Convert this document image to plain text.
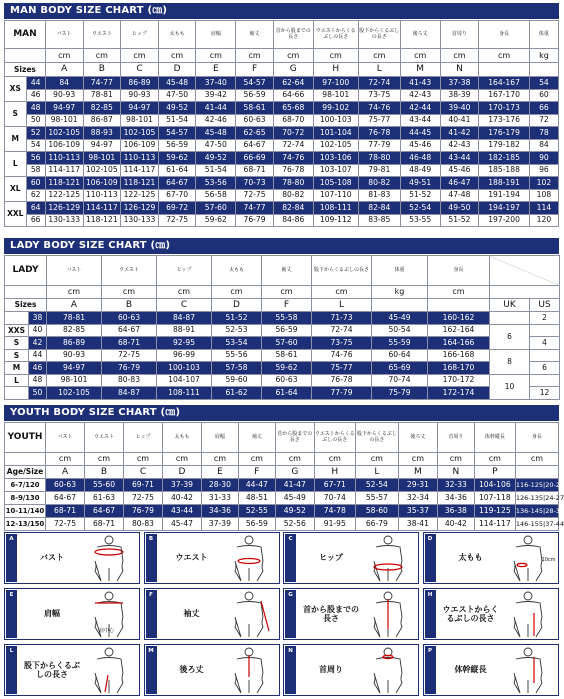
MAN BODY SIZE CHART (㎝)
MAN		バスト	ウエスト	ヒップ	太もも	肩幅	袖丈	首から股までの長さ	ウエストからくるぶしの長さ	股下からくるぶしの長さ	後ろ丈	首周り	身長	体重
		cm	cm	cm	cm	cm	cm	cm	cm	cm	cm	cm	cm	kg
Sizes		A	B	C	D	E	F	G	H	L	M	N		
XS	44	84	74-77	86-89	45-48	37-40	54-57	62-64	97-100	72-74	41-43	37-38	164-167	54
	46	90-93	78-81	90-93	47-50	39-42	56-59	64-66	98-101	73-75	42-43	38-39	167-170	60
S	48	94-97	82-85	94-97	49-52	41-44	58-61	65-68	99-102	74-76	42-44	39-40	170-173	66
	50	98-101	86-87	98-101	51-54	42-46	60-63	68-70	100-103	75-77	43-44	40-41	173-176	72
M	52	102-105	88-93	102-105	54-57	45-48	62-65	70-72	101-104	76-78	44-45	41-42	176-179	78
	54	106-109	94-97	106-109	56-59	47-50	64-67	72-74	102-105	77-79	45-46	42-43	179-182	84
L	56	110-113	98-101	110-113	59-62	49-52	66-69	74-76	103-106	78-80	46-48	43-44	182-185	90
	58	114-117	102-105	114-117	61-64	51-54	68-71	76-78	103-107	79-81	48-49	45-46	185-188	96
XL	60	118-121	106-109	118-121	64-67	53-56	70-73	78-80	105-108	80-82	49-51	46-47	188-191	102
	62	122-125	110-113	122-125	67-70	56-58	72-75	80-82	107-110	81-83	51-52	47-48	191-194	108
XXL	64	126-129	114-117	126-129	69-72	57-60	74-77	82-84	108-111	82-84	52-54	49-50	194-197	114
	66	130-133	118-121	130-133	72-75	59-62	76-79	84-86	109-112	83-85	53-55	51-52	197-200	120
LADY BODY SIZE CHART (㎝)
LADY		バスト	ウエスト	ヒップ	太もも	袖丈	股下からくるぶしの長さ	体重	身長			
		cm	cm	cm	cm	cm	cm	kg	cm			
Sizes		A	B	C	D	F	L			UK	US	
	38	78-81	60-63	84-87	51-52	55-58	71-73	45-49	160-162		2	
XXS	40	82-85	64-67	88-91	52-53	56-59	72-74	50-54	162-164	6		
S	42	86-89	68-71	92-95	53-54	57-60	73-75	55-59	164-166		4	
S	44	90-93	72-75	96-99	55-56	58-61	74-76	60-64	166-168	8		
M	46	94-97	76-79	100-103	57-58	59-62	75-77	65-69	168-170		6	
L	48	98-101	80-83	104-107	59-60	60-63	76-78	70-74	170-172	10		
	50	102-105	84-87	108-111	61-62	61-64	77-79	75-79	172-174		12	
YOUTH BODY SIZE CHART (㎝)
YOUTH	バスト	ウエスト	ヒップ	太もも	肩幅	袖丈	首から股までの長さ	ウエストからくるぶしの長さ	股下からくるぶしの長さ	後ろ丈	首周り	体幹縦長	身長
	cm	cm	cm	cm	cm	cm	cm	cm	cm	cm	cm	cm	cm
Age/Size	A	B	C	D	E	F	G	H	L	M	N	P	
6-7/120	60-63	55-60	69-71	37-39	28-30	44-47	41-47	67-71	52-54	29-31	32-33	104-106	116-125|20-23
8-9/130	64-67	61-63	72-75	40-42	31-33	48-51	45-49	70-74	55-57	32-34	34-36	107-118	126-135|24-27
10-11/140	68-71	64-67	76-79	43-44	34-36	52-55	49-52	74-78	58-60	35-37	36-38	119-125	136-145|28-30
12-13/150	72-75	68-71	80-83	45-47	37-39	56-59	52-56	91-95	66-79	38-41	40-42	114-117	146-155|37-44
A
バスト
B
ウエスト
C
ヒップ
D
太もも	10cm
E
肩幅
肩中心
F
袖丈
G
首から股までの長さ
H
ウエストからくるぶしの長さ
L
股下からくるぶしの長さ
M
後ろ丈
N
首周り
P
体幹縦長
